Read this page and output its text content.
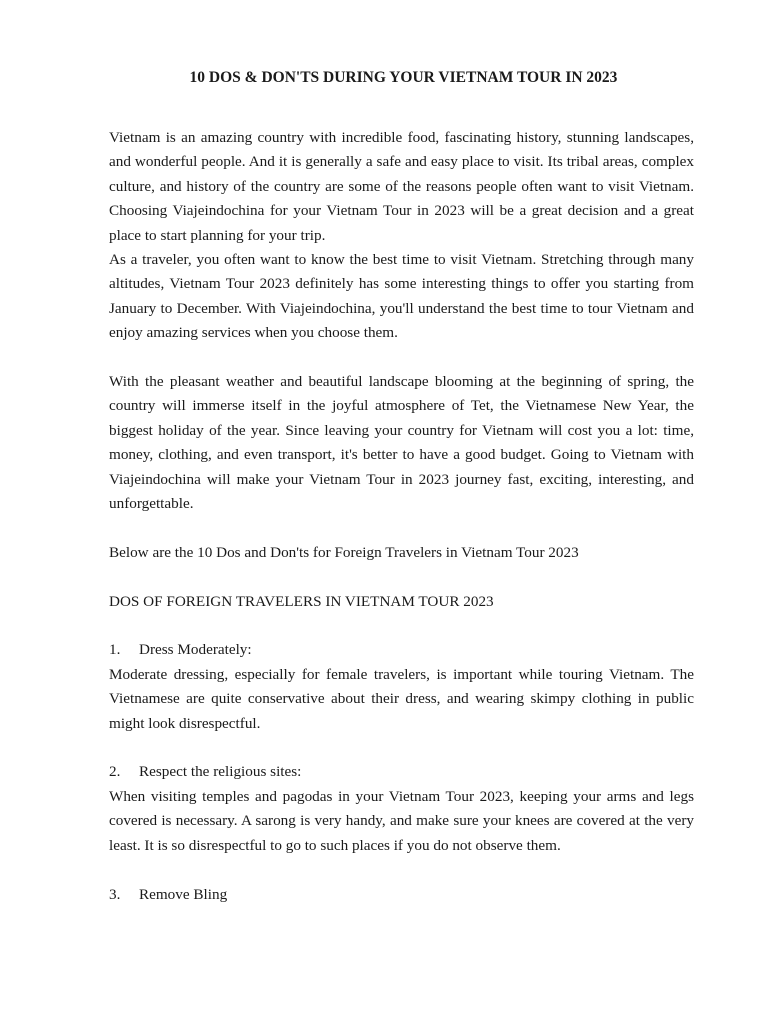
10 DOS & DON'TS DURING YOUR VIETNAM TOUR IN 2023

Vietnam is an amazing country with incredible food, fascinating history, stunning landscapes, and wonderful people. And it is generally a safe and easy place to visit. Its tribal areas, complex culture, and history of the country are some of the reasons people often want to visit Vietnam. Choosing Viajeindochina for your Vietnam Tour in 2023 will be a great decision and a great place to start planning for your trip.

As a traveler, you often want to know the best time to visit Vietnam. Stretching through many altitudes, Vietnam Tour 2023 definitely has some interesting things to offer you starting from January to December. With Viajeindochina, you'll understand the best time to tour Vietnam and enjoy amazing services when you choose them.

With the pleasant weather and beautiful landscape blooming at the beginning of spring, the country will immerse itself in the joyful atmosphere of Tet, the Vietnamese New Year, the biggest holiday of the year. Since leaving your country for Vietnam will cost you a lot: time, money, clothing, and even transport, it's better to have a good budget. Going to Vietnam with Viajeindochina will make your Vietnam Tour in 2023 journey fast, exciting, interesting, and unforgettable.

Below are the 10 Dos and Don'ts for Foreign Travelers in Vietnam Tour 2023

DOS OF FOREIGN TRAVELERS IN VIETNAM TOUR 2023

1.	Dress Moderately:

Moderate dressing, especially for female travelers, is important while touring Vietnam. The Vietnamese are quite conservative about their dress, and wearing skimpy clothing in public might look disrespectful.

2.	Respect the religious sites:

When visiting temples and pagodas in your Vietnam Tour 2023, keeping your arms and legs covered is necessary. A sarong is very handy, and make sure your knees are covered at the very least. It is so disrespectful to go to such places if you do not observe them.

3.	Remove Bling
